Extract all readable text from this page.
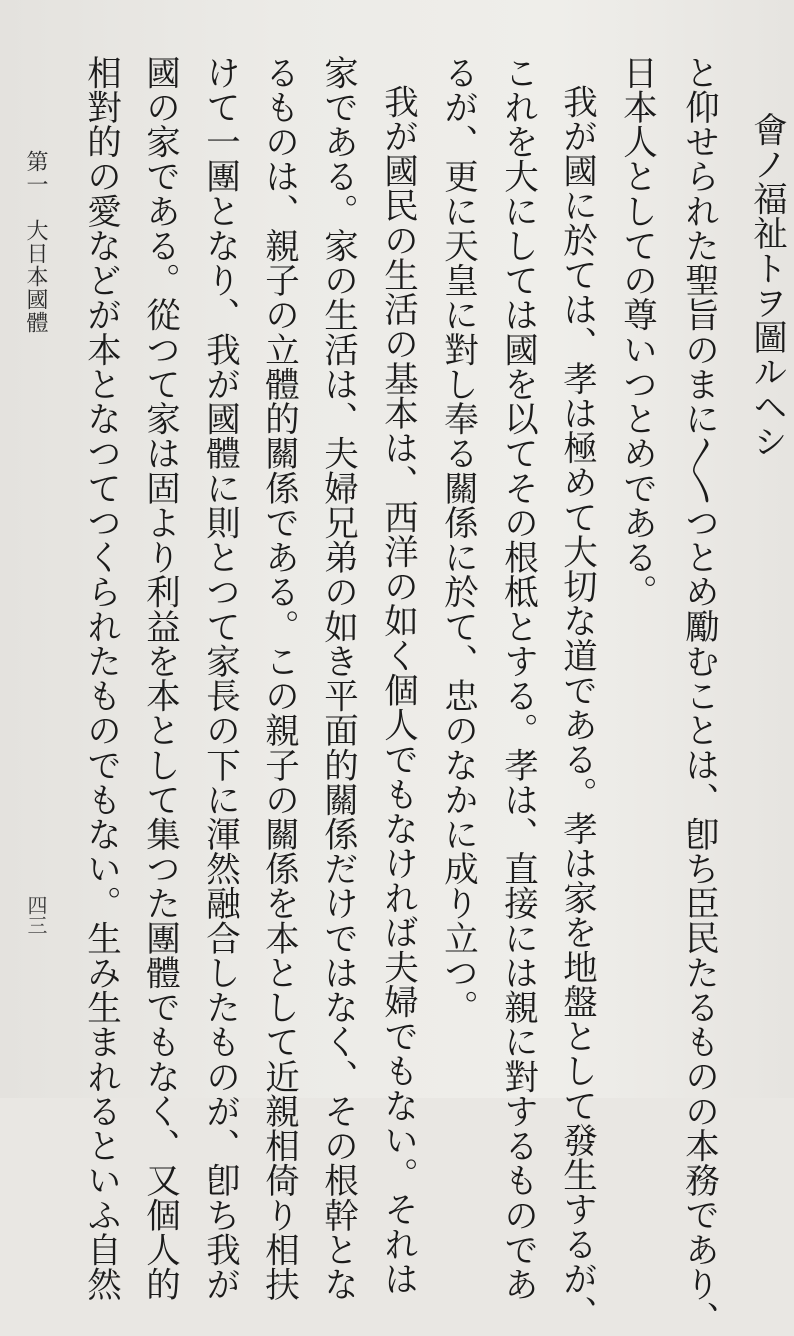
會ノ福祉トヲ圖ルヘシ
と仰せられた聖旨のまに〱つとめ勵むことは、卽ち臣民たるものの本務であり、
日本人としての尊いつとめである。
我が國に於ては、孝は極めて大切な道である。孝は家を地盤として發生するが、
これを大にしては國を以てその根柢とする。孝は、直接には親に對するものであ
るが、更に天皇に對し奉る關係に於て、忠のなかに成り立つ。
我が國民の生活の基本は、西洋の如く個人でもなければ夫婦でもない。それは
家である。家の生活は、夫婦兄弟の如き平面的關係だけではなく、その根幹とな
るものは、親子の立體的關係である。この親子の關係を本として近親相倚り相扶
けて一團となり、我が國體に則とつて家長の下に渾然融合したものが、卽ち我が
國の家である。從つて家は固より利益を本として集つた團體でもなく、又個人的
相對的の愛などが本となつてつくられたものでもない。生み生まれるといふ自然
第一　大日本國體
四三
